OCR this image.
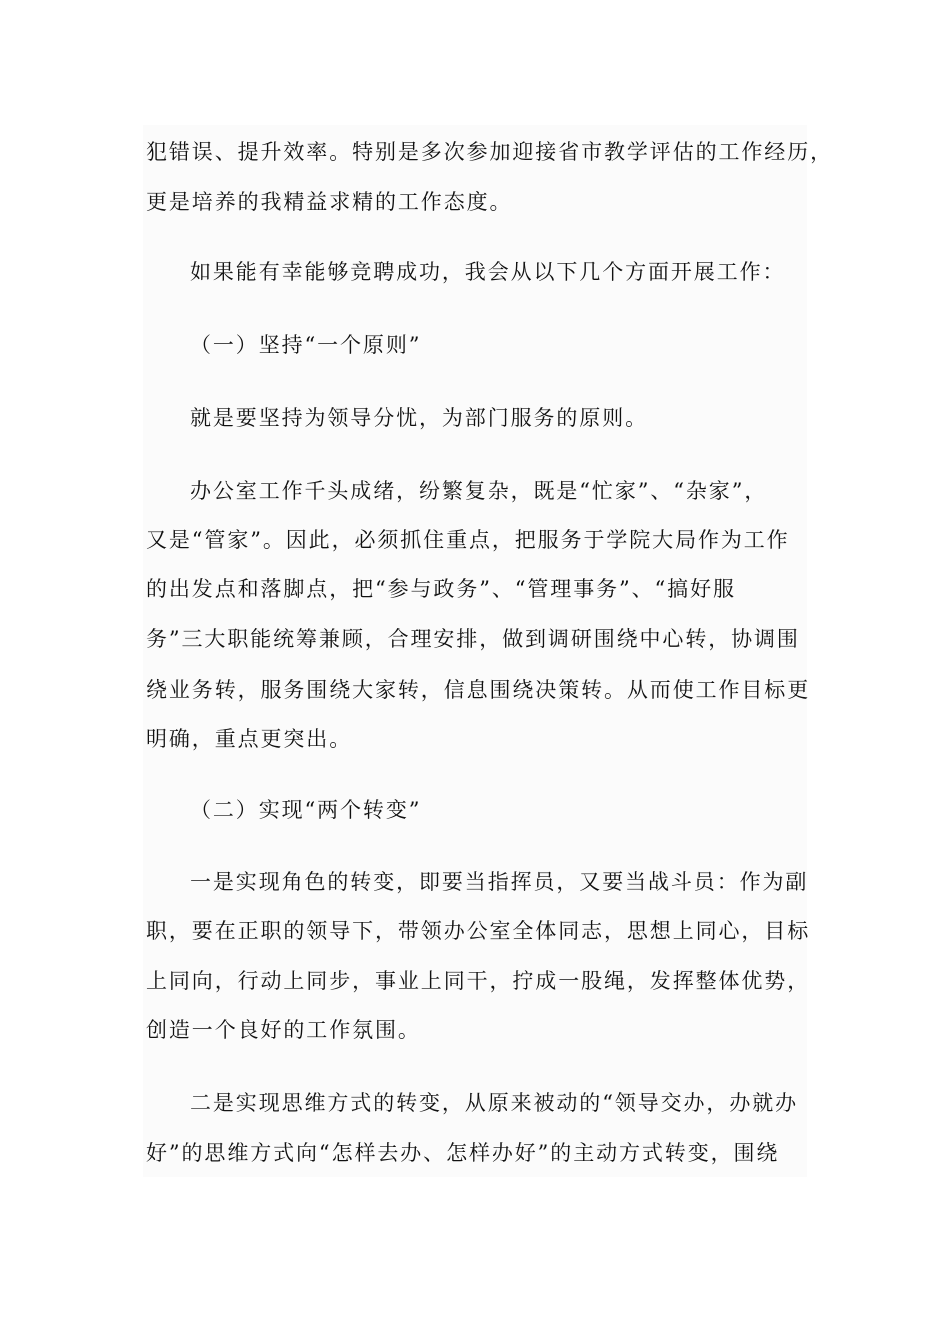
犯错误、提升效率。特别是多次参加迎接省市教学评估的工作经历，
更是培养的我精益求精的工作态度。
如果能有幸能够竞聘成功，我会从以下几个方面开展工作：
（一）坚持“一个原则”
就是要坚持为领导分忧，为部门服务的原则。
办公室工作千头成绪，纷繁复杂，既是“忙家”、“杂家”，
又是“管家”。因此，必须抓住重点，把服务于学院大局作为工作
的出发点和落脚点，把“参与政务”、“管理事务”、“搞好服
务”三大职能统筹兼顾，合理安排，做到调研围绕中心转，协调围
绕业务转，服务围绕大家转，信息围绕决策转。从而使工作目标更
明确，重点更突出。
（二）实现“两个转变”
一是实现角色的转变，即要当指挥员，又要当战斗员：作为副
职，要在正职的领导下，带领办公室全体同志，思想上同心，目标
上同向，行动上同步，事业上同干，拧成一股绳，发挥整体优势，
创造一个良好的工作氛围。
二是实现思维方式的转变，从原来被动的“领导交办，办就办
好”的思维方式向“怎样去办、怎样办好”的主动方式转变，围绕
